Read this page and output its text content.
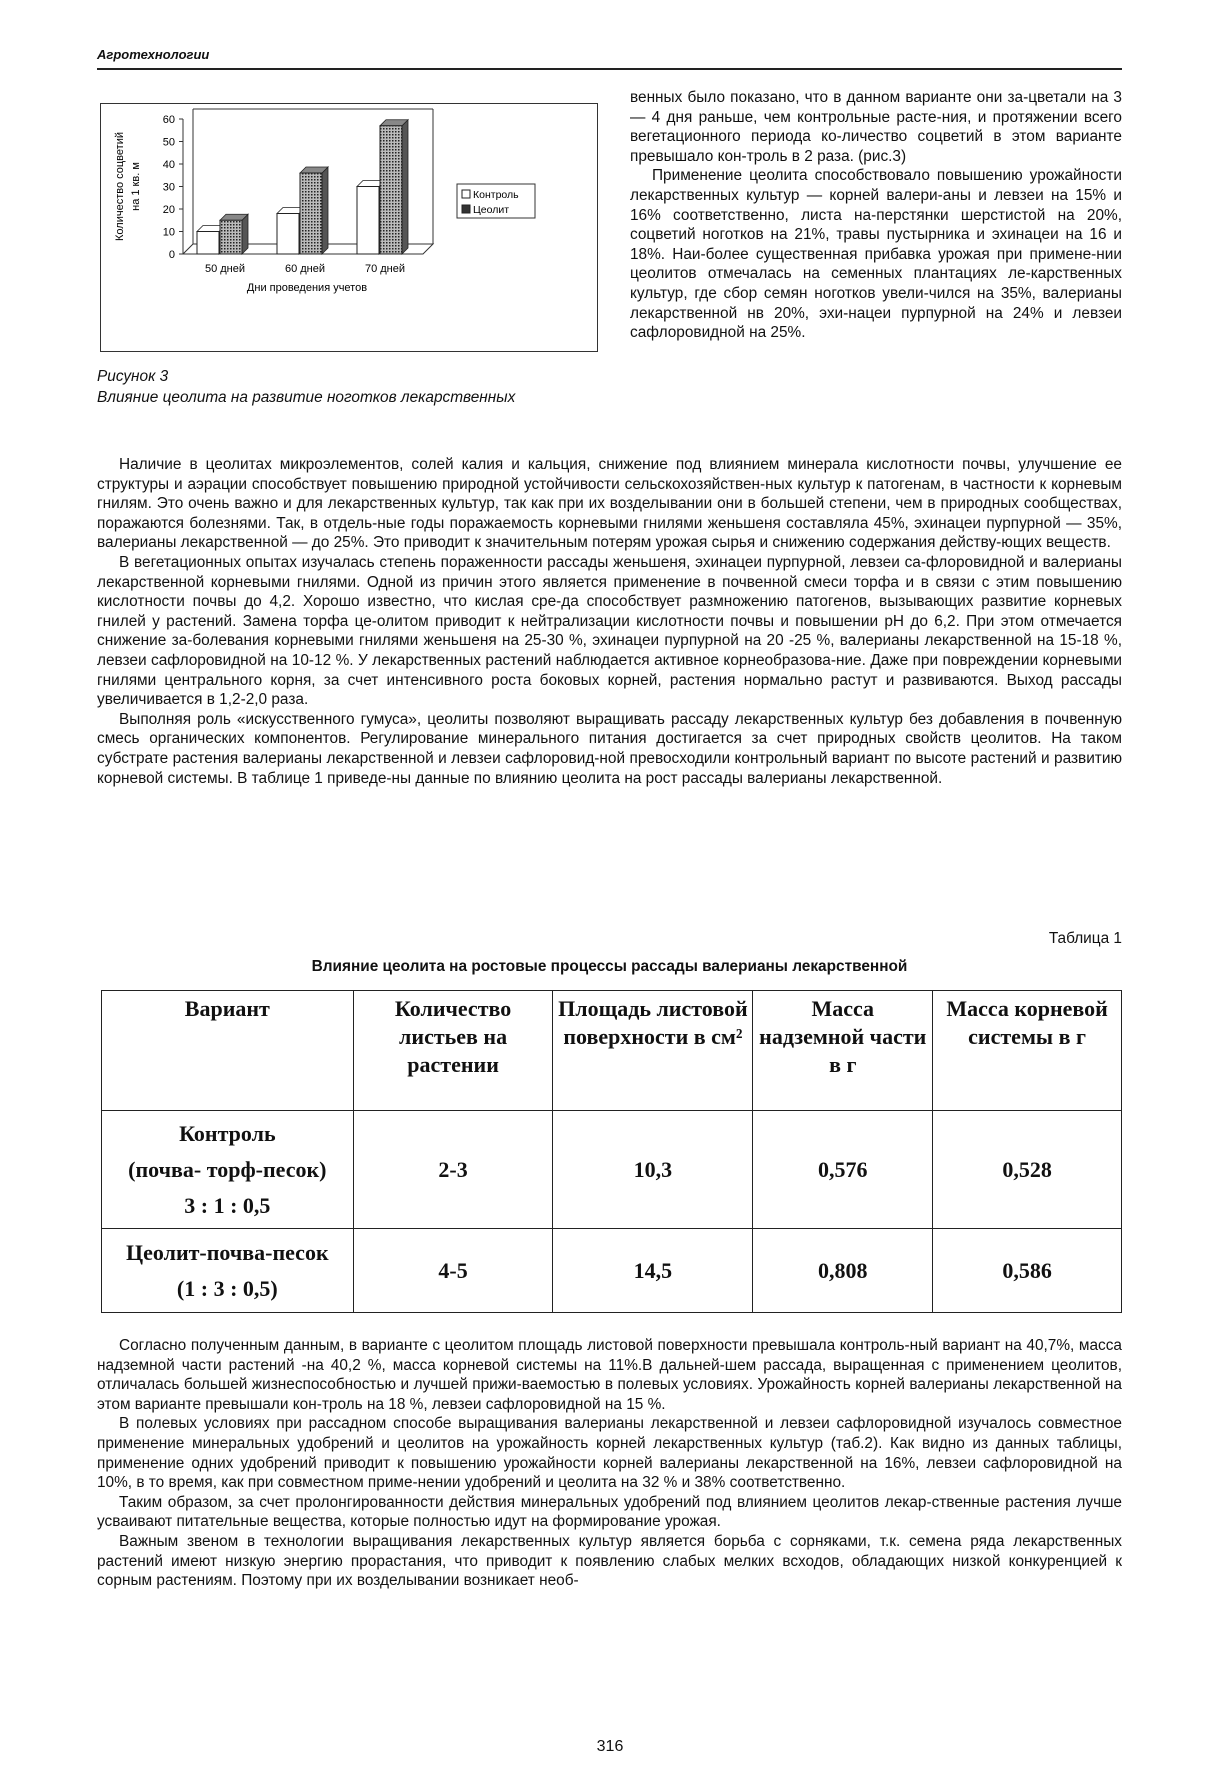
Агротехнологии
0
10
20
30
40
50
60
Количество соцветий на 1 кв. м
50 дней	60 дней	70 дней
Дни проведения учетов
Контроль
Цеолит
Рисунок 3
Влияние цеолита на развитие ноготков лекарственных

венных было показано, что в данном варианте они за-цветали на 3 — 4 дня раньше, чем контрольные расте-ния, и протяжении всего вегетационного периода ко-личество соцветий в этом варианте превышало кон-троль в 2 раза. (рис.3)

Применение цеолита способствовало повышению урожайности лекарственных культур — корней валери-аны и левзеи на 15% и 16% соответственно, листа на-перстянки шерстистой на 20%, соцветий ноготков на 21%, травы пустырника и эхинацеи на 16 и 18%. Наи-более существенная прибавка урожая при примене-нии цеолитов отмечалась на семенных плантациях ле-карственных культур, где сбор семян ноготков увели-чился на 35%, валерианы лекарственной нв 20%, эхи-нацеи пурпурной на 24% и левзеи сафлоровидной на 25%.

Наличие в цеолитах микроэлементов, солей калия и кальция, снижение под влиянием минерала кислотности почвы, улучшение ее структуры и аэрации способствует повышению природной устойчивости сельскохозяйствен-ных культур к патогенам, в частности к корневым гнилям. Это очень важно и для лекарственных культур, так как при их возделывании они в большей степени, чем в природных сообществах, поражаются болезнями. Так, в отдель-ные годы поражаемость корневыми гнилями женьшеня составляла 45%, эхинацеи пурпурной — 35%, валерианы лекарственной — до 25%. Это приводит к значительным потерям урожая сырья и снижению содержания действу-ющих веществ.

В вегетационных опытах изучалась степень пораженности рассады женьшеня, эхинацеи пурпурной, левзеи са-флоровидной и валерианы лекарственной корневыми гнилями. Одной из причин этого является применение в почвенной смеси торфа и в связи с этим повышению кислотности почвы до 4,2. Хорошо известно, что кислая сре-да способствует размножению патогенов, вызывающих развитие корневых гнилей у растений. Замена торфа це-олитом приводит к нейтрализации кислотности почвы и повышении рН до 6,2. При этом отмечается снижение за-болевания корневыми гнилями женьшеня на 25-30 %, эхинацеи пурпурной на 20 -25 %, валерианы лекарственной на 15-18 %, левзеи сафлоровидной на 10-12 %. У лекарственных растений наблюдается активное корнеобразова-ние. Даже при повреждении корневыми гнилями центрального корня, за счет интенсивного роста боковых корней, растения нормально растут и развиваются. Выход рассады увеличивается в 1,2-2,0 раза.

Выполняя роль «искусственного гумуса», цеолиты позволяют выращивать рассаду лекарственных культур без добавления в почвенную смесь органических компонентов. Регулирование минерального питания достигается за счет природных свойств цеолитов. На таком субстрате растения валерианы лекарственной и левзеи сафлоровид-ной превосходили контрольный вариант по высоте растений и развитию корневой системы. В таблице 1 приведе-ны данные по влиянию цеолита на рост рассады валерианы лекарственной.

Таблица 1
Влияние цеолита на ростовые процессы рассады валерианы лекарственной
Вариант	Количество листьев на растении	Площадь листовой поверхности в см²	Масса надземной части в г	Масса корневой системы в г

Контроль
(почва- торф-песок)
3 : 1 : 0,5	2-3	10,3	0,576	0,528

Цеолит-почва-песок
(1 : 3 : 0,5)	4-5	14,5	0,808	0,586

Согласно полученным данным, в варианте с цеолитом площадь листовой поверхности превышала контроль-ный вариант на 40,7%, масса надземной части растений -на 40,2 %, масса корневой системы на 11%.В дальней-шем рассада, выращенная с применением цеолитов, отличалась большей жизнеспособностью и лучшей прижи-ваемостью в полевых условиях. Урожайность корней валерианы лекарственной на этом варианте превышали кон-троль на 18 %, левзеи сафлоровидной на 15 %.

В полевых условиях при рассадном способе выращивания валерианы лекарственной и левзеи сафлоровидной изучалось совместное применение минеральных удобрений и цеолитов на урожайность корней лекарственных культур (таб.2). Как видно из данных таблицы, применение одних удобрений приводит к повышению урожайности корней валерианы лекарственной на 16%, левзеи сафлоровидной на 10%, в то время, как при совместном приме-нении удобрений и цеолита на 32 % и 38% соответственно.

Таким образом, за счет пролонгированности действия минеральных удобрений под влиянием цеолитов лекар-ственные растения лучше усваивают питательные вещества, которые полностью идут на формирование урожая.

Важным звеном в технологии выращивания лекарственных культур является борьба с сорняками, т.к. семена ряда лекарственных растений имеют низкую энергию прорастания, что приводит к появлению слабых мелких всходов, обладающих низкой конкуренцией к сорным растениям. Поэтому при их возделывании возникает необ-

316
